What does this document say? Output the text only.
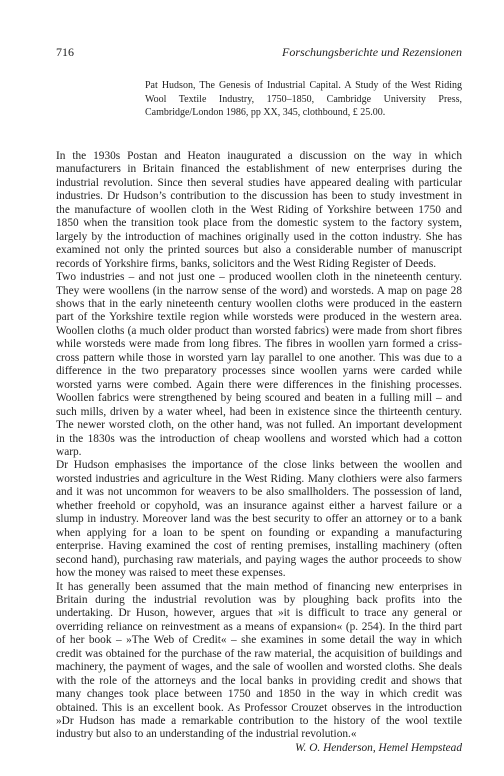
716	Forschungsberichte und Rezensionen
Pat Hudson, The Genesis of Industrial Capital. A Study of the West Riding Wool Textile Industry, 1750–1850, Cambridge University Press, Cambridge/London 1986, pp XX, 345, clothbound, £ 25.00.

In the 1930s Postan and Heaton inaugurated a discussion on the way in which manufacturers in Britain financed the establishment of new enterprises during the industrial revolution. Since then several studies have appeared dealing with particular industries. Dr Hudson’s contribution to the discussion has been to study investment in the manufacture of woollen cloth in the West Riding of Yorkshire between 1750 and 1850 when the transition took place from the domestic system to the factory system, largely by the introduction of machines originally used in the cotton industry. She has examined not only the printed sources but also a considerable number of manuscript records of Yorkshire firms, banks, solicitors and the West Riding Register of Deeds.

Two industries – and not just one – produced woollen cloth in the nineteenth century. They were woollens (in the narrow sense of the word) and worsteds. A map on page 28 shows that in the early nineteenth century woollen cloths were produced in the eastern part of the Yorkshire textile region while worsteds were produced in the western area. Woollen cloths (a much older product than worsted fabrics) were made from short fibres while worsteds were made from long fibres. The fibres in woollen yarn formed a criss-cross pattern while those in worsted yarn lay parallel to one another. This was due to a difference in the two preparatory processes since woollen yarns were carded while worsted yarns were combed. Again there were differences in the finishing processes. Woollen fabrics were strengthened by being scoured and beaten in a fulling mill – and such mills, driven by a water wheel, had been in existence since the thirteenth century. The newer worsted cloth, on the other hand, was not fulled. An important development in the 1830s was the introduction of cheap woollens and worsted which had a cotton warp.

Dr Hudson emphasises the importance of the close links between the woollen and worsted industries and agriculture in the West Riding. Many clothiers were also farmers and it was not uncommon for weavers to be also smallholders. The possession of land, whether freehold or copyhold, was an insurance against either a harvest failure or a slump in industry. Moreover land was the best security to offer an attorney or to a bank when applying for a loan to be spent on founding or expanding a manufacturing enterprise. Having examined the cost of renting premises, installing machinery (often second hand), purchasing raw materials, and paying wages the author proceeds to show how the money was raised to meet these expenses.

It has generally been assumed that the main method of financing new enterprises in Britain during the industrial revolution was by ploughing back profits into the undertaking. Dr Huson, however, argues that »it is difficult to trace any general or overriding reliance on reinvestment as a means of expansion« (p. 254). In the third part of her book – »The Web of Credit« – she examines in some detail the way in which credit was obtained for the purchase of the raw material, the acquisition of buildings and machinery, the payment of wages, and the sale of woollen and worsted cloths. She deals with the role of the attorneys and the local banks in providing credit and shows that many changes took place between 1750 and 1850 in the way in which credit was obtained. This is an excellent book. As Professor Crouzet observes in the introduction »Dr Hudson has made a remarkable contribution to the history of the wool textile industry but also to an understanding of the industrial revolution.«

W. O. Henderson, Hemel Hempstead
